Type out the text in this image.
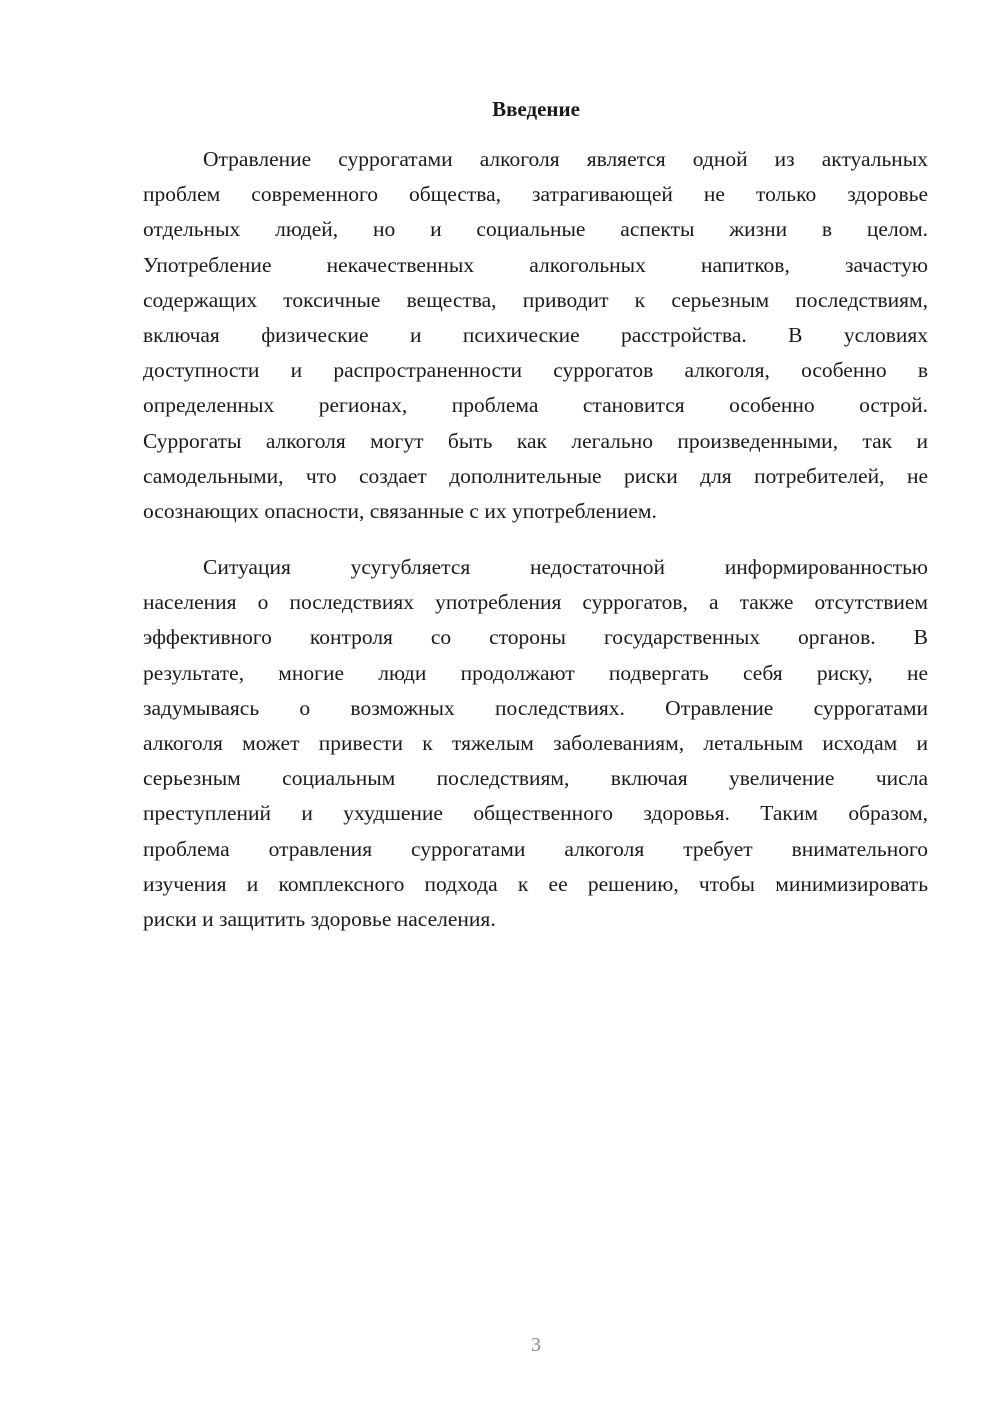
Введение
Отравление суррогатами алкоголя является одной из актуальных
проблем современного общества, затрагивающей не только здоровье
отдельных людей, но и социальные аспекты жизни в целом.
Употребление некачественных алкогольных напитков, зачастую
содержащих токсичные вещества, приводит к серьезным последствиям,
включая физические и психические расстройства. В условиях
доступности и распространенности суррогатов алкоголя, особенно в
определенных регионах, проблема становится особенно острой.
Суррогаты алкоголя могут быть как легально произведенными, так и
самодельными, что создает дополнительные риски для потребителей, не
осознающих опасности, связанные с их употреблением.
Ситуация усугубляется недостаточной информированностью
населения о последствиях употребления суррогатов, а также отсутствием
эффективного контроля со стороны государственных органов. В
результате, многие люди продолжают подвергать себя риску, не
задумываясь о возможных последствиях. Отравление суррогатами
алкоголя может привести к тяжелым заболеваниям, летальным исходам и
серьезным социальным последствиям, включая увеличение числа
преступлений и ухудшение общественного здоровья. Таким образом,
проблема отравления суррогатами алкоголя требует внимательного
изучения и комплексного подхода к ее решению, чтобы минимизировать
риски и защитить здоровье населения.
3
